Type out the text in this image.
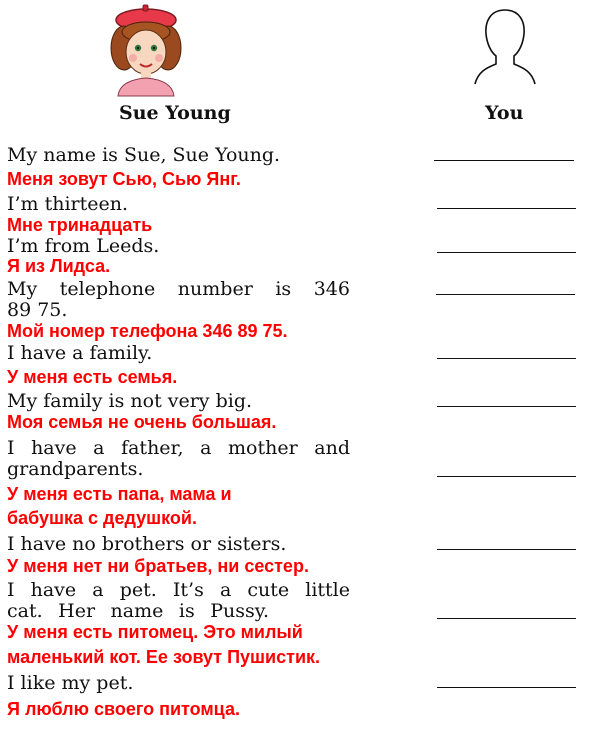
Sue Young	You
My name is Sue, Sue Young.
Меня зовут Сью, Сью Янг.
I’m thirteen.
Мне тринадцать
I’m from Leeds.
Я из Лидса.
My telephone number is 346
89 75.
Мой номер телефона 346 89 75.
I have a family.
У меня есть семья.
My family is not very big.
Моя семья не очень большая.
I have a father, a mother and
grandparents.
У меня есть папа, мама и
бабушка с дедушкой.
I have no brothers or sisters.
У меня нет ни братьев, ни сестер.
I have a pet. It’s a cute little
cat. Her name is Pussy.
У меня есть питомец. Это милый
маленький кот. Ее зовут Пушистик.
I like my pet.
Я люблю своего питомца.
